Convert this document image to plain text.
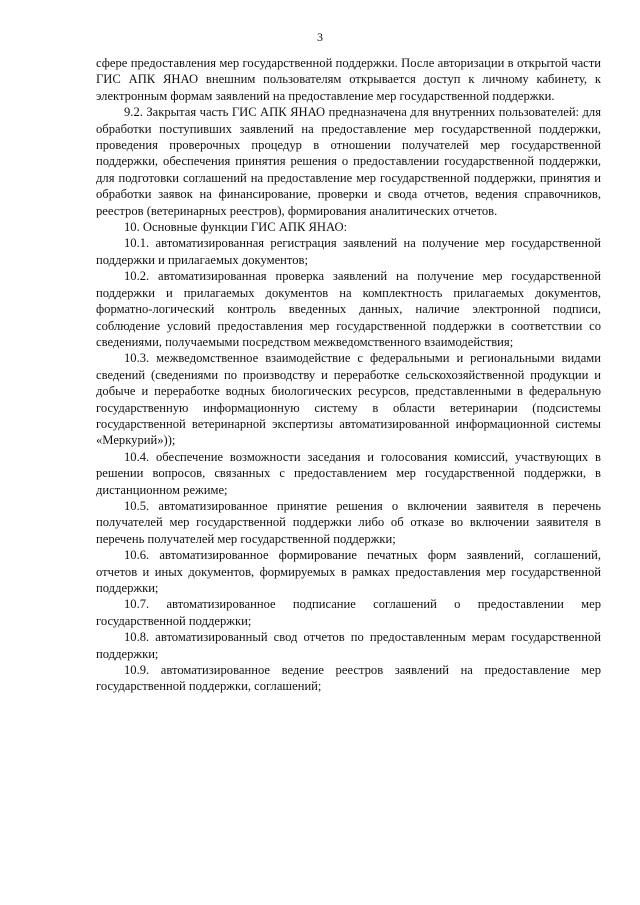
3

сфере предоставления мер государственной поддержки. После авторизации в открытой части ГИС АПК ЯНАО внешним пользователям открывается доступ к личному кабинету, к электронным формам заявлений на предоставление мер государственной поддержки.

9.2. Закрытая часть ГИС АПК ЯНАО предназначена для внутренних пользователей: для обработки поступивших заявлений на предоставление мер государственной поддержки, проведения проверочных процедур в отношении получателей мер государственной поддержки, обеспечения принятия решения о предоставлении государственной поддержки, для подготовки соглашений на предоставление мер государственной поддержки, принятия и обработки заявок на финансирование, проверки и свода отчетов, ведения справочников, реестров (ветеринарных реестров), формирования аналитических отчетов.

10. Основные функции ГИС АПК ЯНАО:

10.1. автоматизированная регистрация заявлений на получение мер государственной поддержки и прилагаемых документов;

10.2. автоматизированная проверка заявлений на получение мер государственной поддержки и прилагаемых документов на комплектность прилагаемых документов, форматно-логический контроль введенных данных, наличие электронной подписи, соблюдение условий предоставления мер государственной поддержки в соответствии со сведениями, получаемыми посредством межведомственного взаимодействия;

10.3. межведомственное взаимодействие с федеральными и региональными видами сведений (сведениями по производству и переработке сельскохозяйственной продукции и добыче и переработке водных биологических ресурсов, представленными в федеральную государственную информационную систему в области ветеринарии (подсистемы государственной ветеринарной экспертизы автоматизированной информационной системы «Меркурий»));

10.4. обеспечение возможности заседания и голосования комиссий, участвующих в решении вопросов, связанных с предоставлением мер государственной поддержки, в дистанционном режиме;

10.5. автоматизированное принятие решения о включении заявителя в перечень получателей мер государственной поддержки либо об отказе во включении заявителя в перечень получателей мер государственной поддержки;

10.6. автоматизированное формирование печатных форм заявлений, соглашений, отчетов и иных документов, формируемых в рамках предоставления мер государственной поддержки;

10.7. автоматизированное подписание соглашений о предоставлении мер государственной поддержки;

10.8. автоматизированный свод отчетов по предоставленным мерам государственной поддержки;

10.9. автоматизированное ведение реестров заявлений на предоставление мер государственной поддержки, соглашений;
